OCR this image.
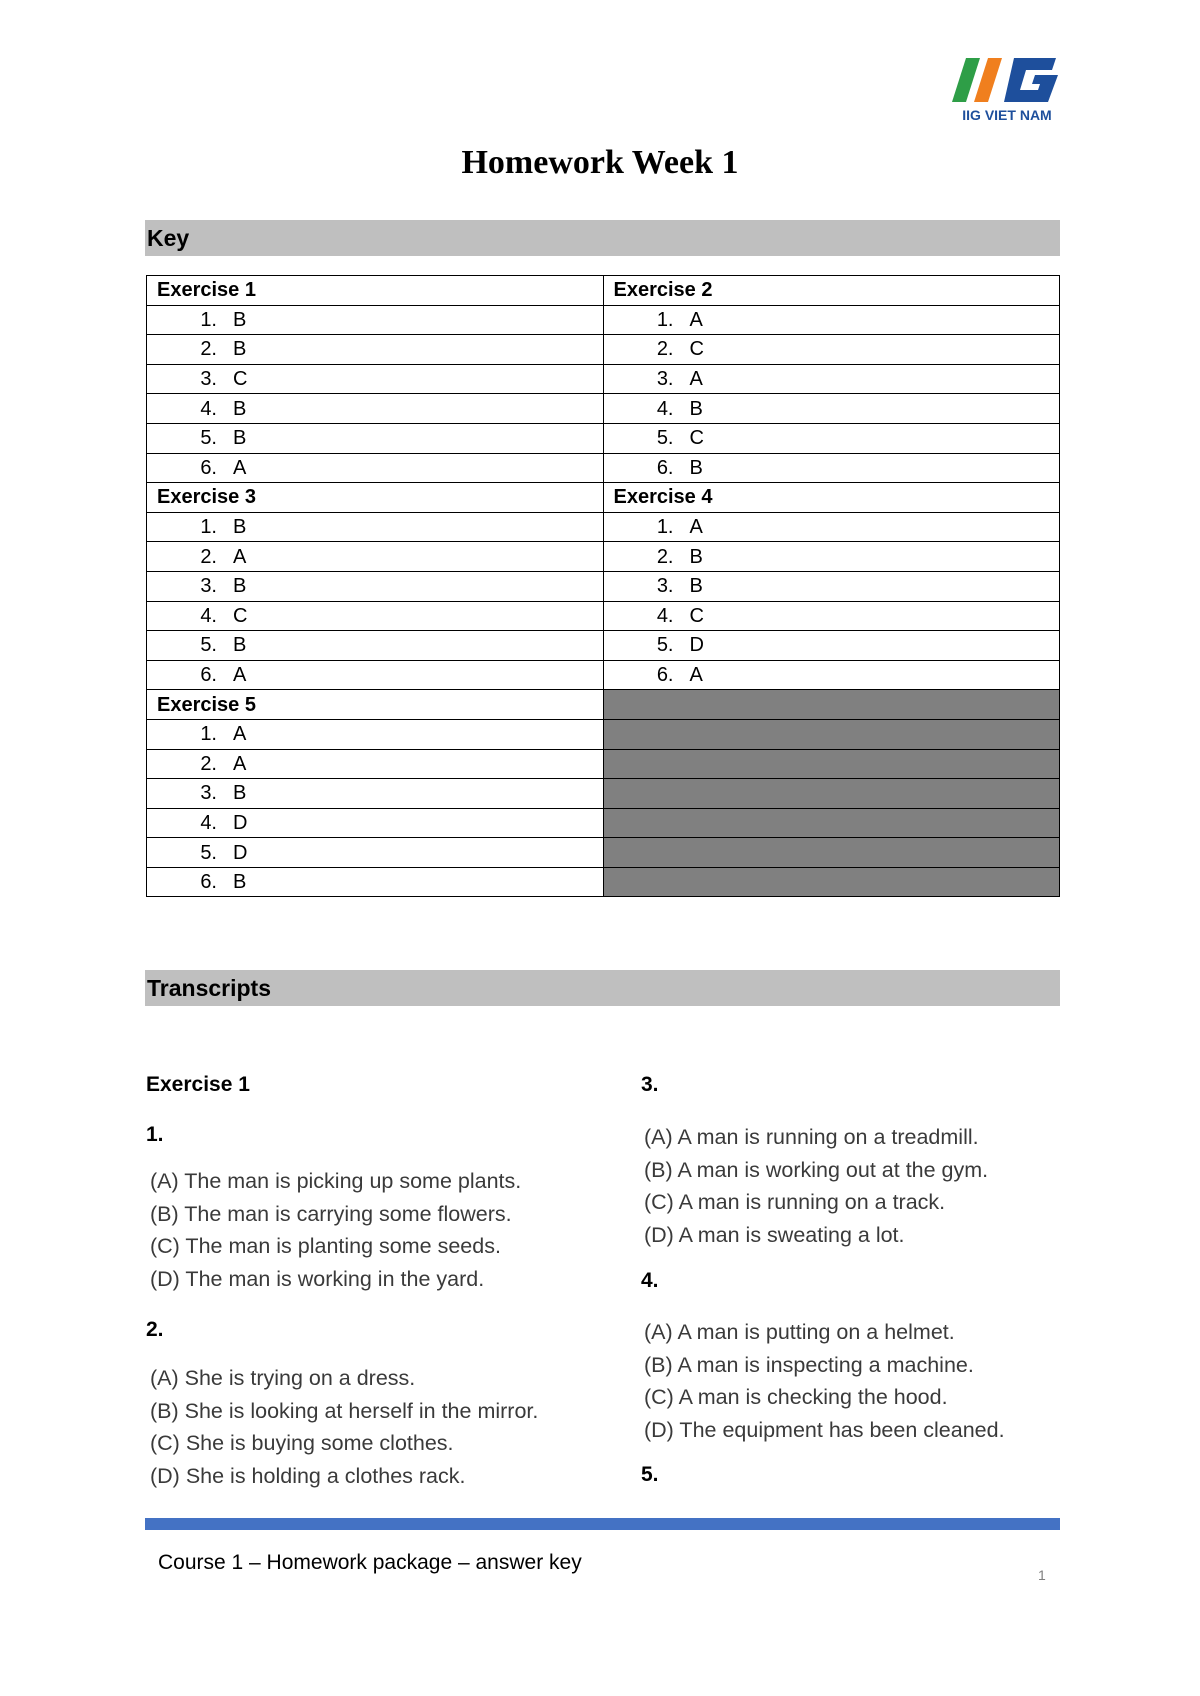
IIG VIET NAM
Homework Week 1
Key
Exercise 1	Exercise 2
1. B	1. A
2. B	2. C
3. C	3. A
4. B	4. B
5. B	5. C
6. A	6. B
Exercise 3	Exercise 4
1. B	1. A
2. A	2. B
3. B	3. B
4. C	4. C
5. B	5. D
6. A	6. A
Exercise 5	
1. A	
2. A	
3. B	
4. D	
5. D	
6. B	
Transcripts
Exercise 1
1.
(A) The man is picking up some plants.
(B) The man is carrying some flowers.
(C) The man is planting some seeds.
(D) The man is working in the yard.
2.
(A) She is trying on a dress.
(B) She is looking at herself in the mirror.
(C) She is buying some clothes.
(D) She is holding a clothes rack.
3.
(A) A man is running on a treadmill.
(B) A man is working out at the gym.
(C) A man is running on a track.
(D) A man is sweating a lot.
4.
(A) A man is putting on a helmet.
(B) A man is inspecting a machine.
(C) A man is checking the hood.
(D) The equipment has been cleaned.
5.
Course 1 – Homework package – answer key
1
